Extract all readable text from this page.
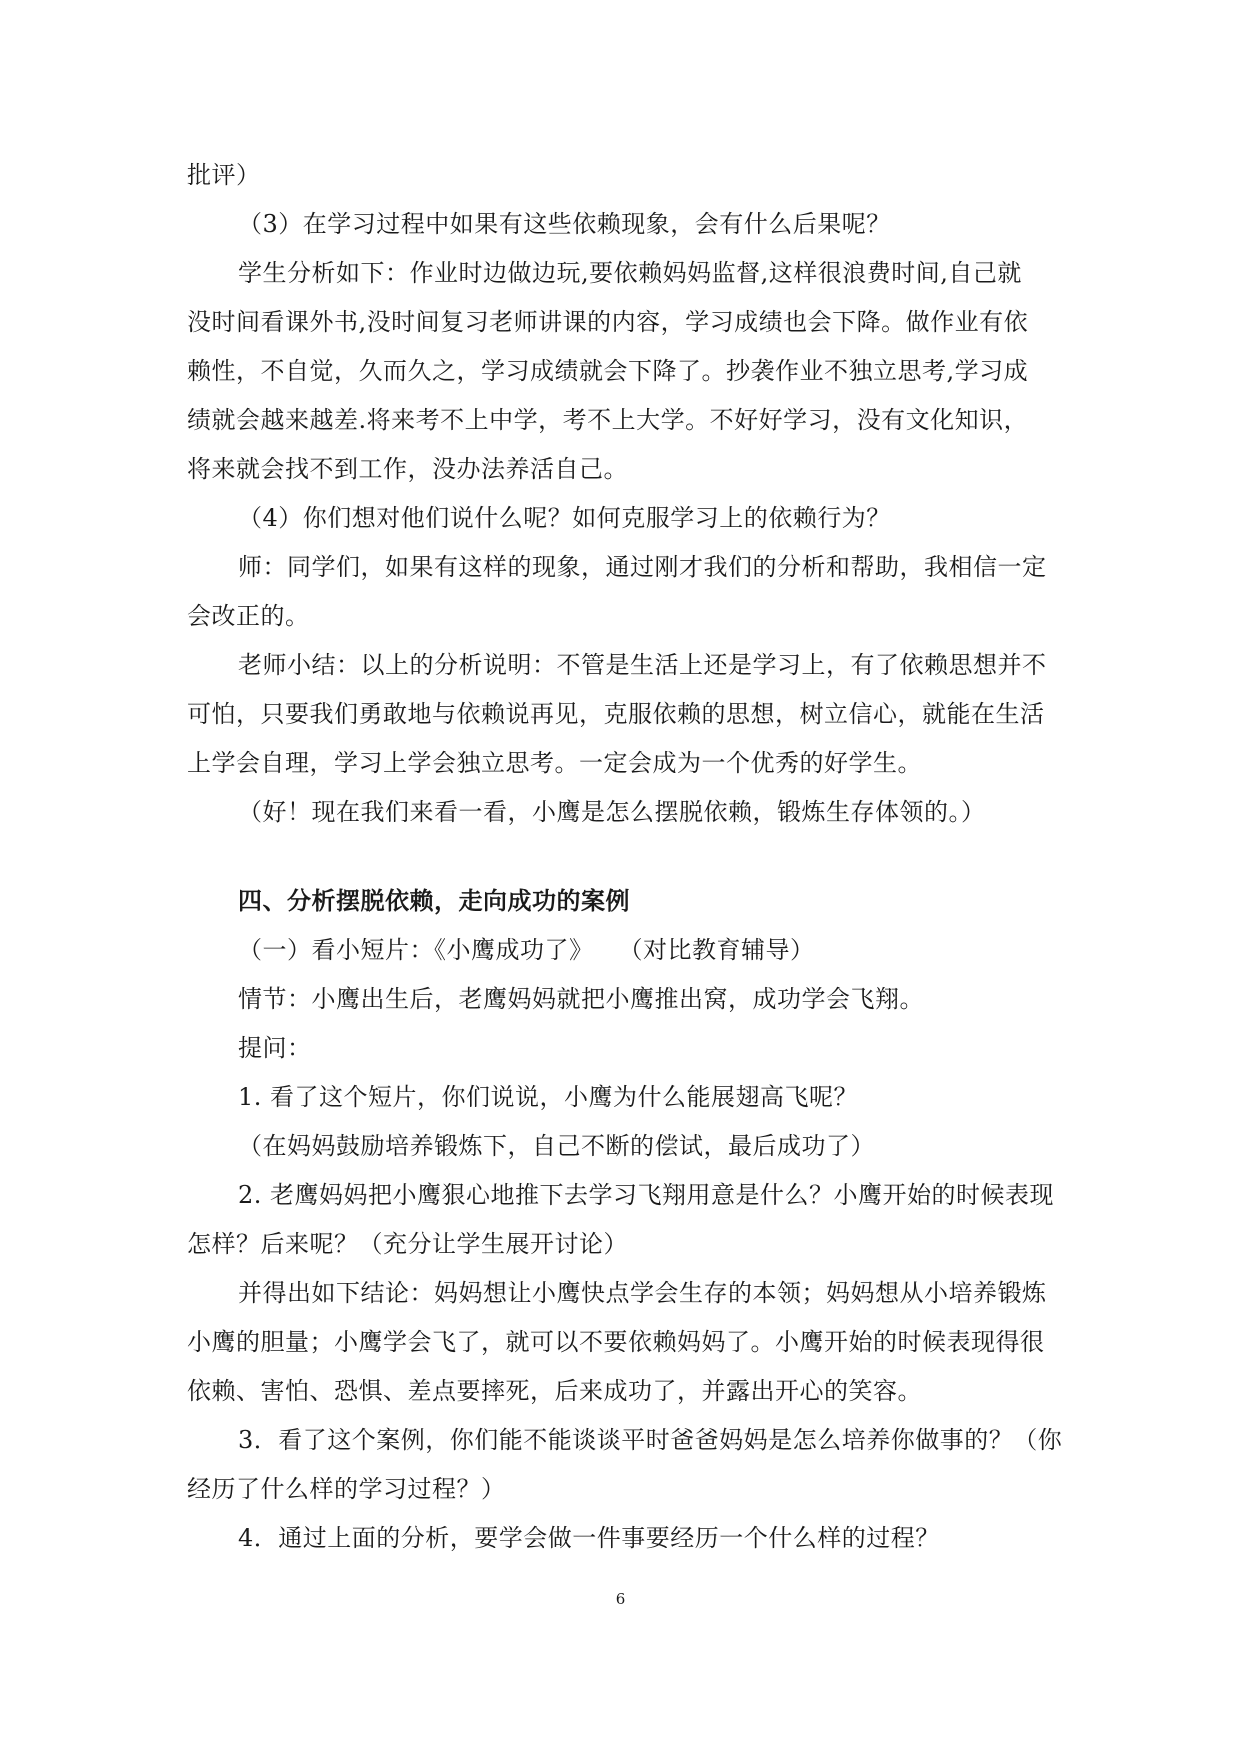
批评）
（3）在学习过程中如果有这些依赖现象，会有什么后果呢？
学生分析如下：作业时边做边玩,要依赖妈妈监督,这样很浪费时间,自己就
没时间看课外书,没时间复习老师讲课的内容，学习成绩也会下降。做作业有依
赖性，不自觉，久而久之，学习成绩就会下降了。抄袭作业不独立思考,学习成
绩就会越来越差.将来考不上中学，考不上大学。不好好学习，没有文化知识，
将来就会找不到工作，没办法养活自己。
（4）你们想对他们说什么呢？如何克服学习上的依赖行为？
师：同学们，如果有这样的现象，通过刚才我们的分析和帮助，我相信一定
会改正的。
老师小结：以上的分析说明：不管是生活上还是学习上，有了依赖思想并不
可怕，只要我们勇敢地与依赖说再见，克服依赖的思想，树立信心，就能在生活
上学会自理，学习上学会独立思考。一定会成为一个优秀的好学生。
（好！现在我们来看一看，小鹰是怎么摆脱依赖，锻炼生存体领的。）
四、分析摆脱依赖，走向成功的案例
（一）看小短片：《小鹰成功了》　　（对比教育辅导）
情节：小鹰出生后，老鹰妈妈就把小鹰推出窝，成功学会飞翔。
提问：
1. 看了这个短片，你们说说，小鹰为什么能展翅高飞呢？
（在妈妈鼓励培养锻炼下，自己不断的偿试，最后成功了）
2. 老鹰妈妈把小鹰狠心地推下去学习飞翔用意是什么？小鹰开始的时候表现
怎样？后来呢？（充分让学生展开讨论）
并得出如下结论：妈妈想让小鹰快点学会生存的本领；妈妈想从小培养锻炼
小鹰的胆量；小鹰学会飞了，就可以不要依赖妈妈了。小鹰开始的时候表现得很
依赖、害怕、恐惧、差点要摔死，后来成功了，并露出开心的笑容。
3．看了这个案例，你们能不能谈谈平时爸爸妈妈是怎么培养你做事的？（你
经历了什么样的学习过程？）
4．通过上面的分析，要学会做一件事要经历一个什么样的过程？
6
